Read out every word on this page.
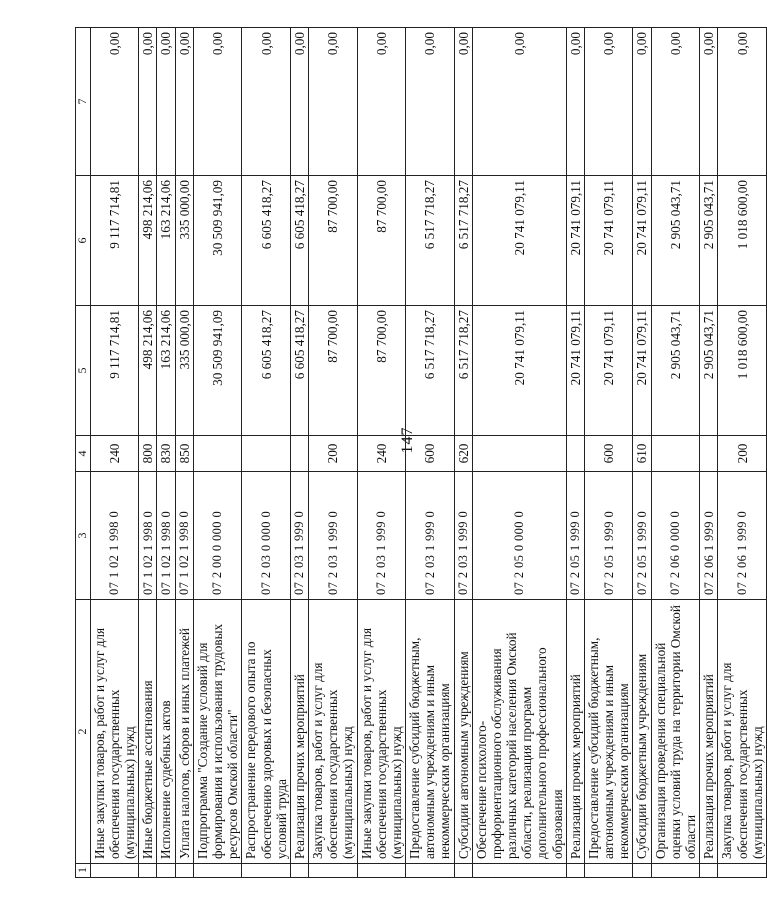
147
1	2	3	4	5	6	7
	Иные закупки товаров, работ и услуг для обеспечения государственных (муниципальных) нужд	07 1 02 1 998 0	240	9 117 714,81	9 117 714,81	0,00
	Иные бюджетные ассигнования	07 1 02 1 998 0	800	498 214,06	498 214,06	0,00
	Исполнение судебных актов	07 1 02 1 998 0	830	163 214,06	163 214,06	0,00
	Уплата налогов, сборов и иных платежей	07 1 02 1 998 0	850	335 000,00	335 000,00	0,00
	Подпрограмма "Создание условий для формирования и использования трудовых ресурсов Омской области"	07 2 00 0 000 0		30 509 941,09	30 509 941,09	0,00
	Распространение передового опыта по обеспечению здоровых и безопасных условий труда	07 2 03 0 000 0		6 605 418,27	6 605 418,27	0,00
	Реализация прочих мероприятий	07 2 03 1 999 0		6 605 418,27	6 605 418,27	0,00
	Закупка товаров, работ и услуг для обеспечения государственных (муниципальных) нужд	07 2 03 1 999 0	200	87 700,00	87 700,00	0,00
	Иные закупки товаров, работ и услуг для обеспечения государственных (муниципальных) нужд	07 2 03 1 999 0	240	87 700,00	87 700,00	0,00
	Предоставление субсидий бюджетным, автономным учреждениям и иным некоммерческим организациям	07 2 03 1 999 0	600	6 517 718,27	6 517 718,27	0,00
	Субсидии автономным учреждениям	07 2 03 1 999 0	620	6 517 718,27	6 517 718,27	0,00
	Обеспечение психолого-профориентационного обслуживания различных категорий населения Омской области, реализация программ дополнительного профессионального образования	07 2 05 0 000 0		20 741 079,11	20 741 079,11	0,00
	Реализация прочих мероприятий	07 2 05 1 999 0		20 741 079,11	20 741 079,11	0,00
	Предоставление субсидий бюджетным, автономным учреждениям и иным некоммерческим организациям	07 2 05 1 999 0	600	20 741 079,11	20 741 079,11	0,00
	Субсидии бюджетным учреждениям	07 2 05 1 999 0	610	20 741 079,11	20 741 079,11	0,00
	Организация проведения специальной оценки условий труда на территории Омской области	07 2 06 0 000 0		2 905 043,71	2 905 043,71	0,00
	Реализация прочих мероприятий	07 2 06 1 999 0		2 905 043,71	2 905 043,71	0,00
	Закупка товаров, работ и услуг для обеспечения государственных (муниципальных) нужд	07 2 06 1 999 0	200	1 018 600,00	1 018 600,00	0,00
